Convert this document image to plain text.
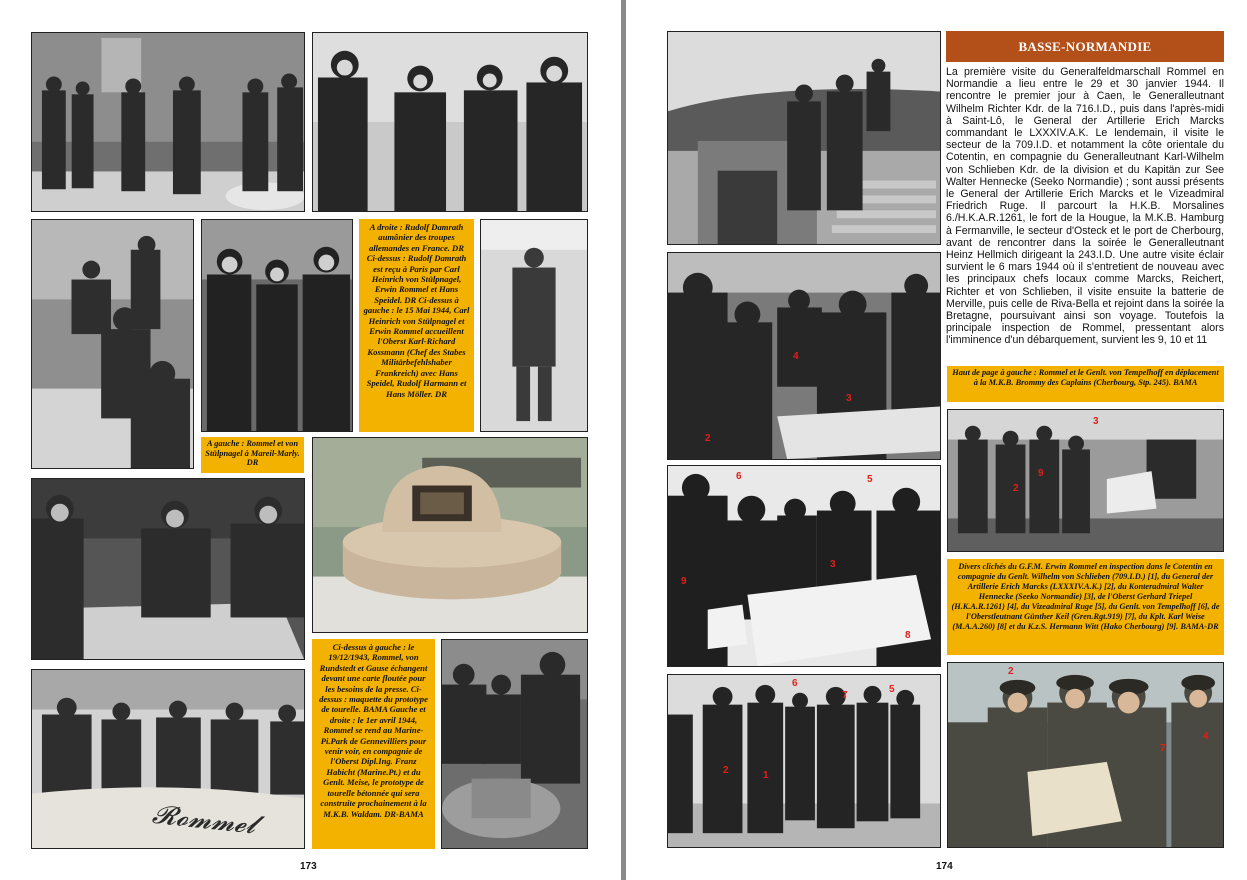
A droite : Rudolf Damrath aumônier des troupes allemandes en France. DR Ci-dessus : Rudolf Damrath est reçu à Paris par Carl Heinrich von Stülpnagel, Erwin Rommel et Hans Speidel. DR Ci-dessus à gauche : le 15 Mai 1944, Carl Heinrich von Stülpnagel et Erwin Rommel accueillent l'Oberst Karl-Richard Kossmann (Chef des Stabes Militärbefehlshaber Frankreich) avec Hans Speidel, Rudolf Harmann et Hans Möller. DR
A gauche : Rommel et von Stülpnagel à Mareil-Marly. DR
Ci-dessus à gauche : le 19/12/1943, Rommel, von Rundstedt et Gause échangent devant une carte floutée pour les besoins de la presse. Ci-dessus : maquette du prototype de tourelle. BAMA Gauche et droite : le 1er avril 1944, Rommel se rend au Marine-Pi.Park de Gennevilliers pour venir voir, en compagnie de l'Oberst Dipl.Ing. Franz Habicht (Marine.Pt.) et du Genlt. Meise, le prototype de tourelle bétonnée qui sera construite prochainement à la M.K.B. Waldam. DR-BAMA
𝓡𝓸𝓶𝓶𝓮𝓵
173
BASSE-NORMANDIE

La première visite du Generalfeldmarschall Rommel en Normandie a lieu entre le 29 et 30 janvier 1944. Il rencontre le premier jour à Caen, le Generalleutnant Wilhelm Richter Kdr. de la 716.I.D., puis dans l'après-midi à Saint-Lô, le General der Artillerie Erich Marcks commandant le LXXXIV.A.K. Le lendemain, il visite le secteur de la 709.I.D. et notamment la côte orientale du Cotentin, en compagnie du Generalleutnant Karl-Wilhelm von Schlieben Kdr. de la division et du Kapitän zur See Walter Hennecke (Seeko Normandie) ; sont aussi présents le General der Artillerie Erich Marcks et le Vizeadmiral Friedrich Ruge. Il parcourt la H.K.B. Morsalines 6./H.K.A.R.1261, le fort de la Hougue, la M.K.B. Hamburg à Fermanville, le secteur d'Osteck et le port de Cherbourg, avant de rencontrer dans la soirée le Generalleutnant Heinz Hellmich dirigeant la 243.I.D. Une autre visite éclair survient le 6 mars 1944 où il s'entretient de nouveau avec les principaux chefs locaux comme Marcks, Reichert, Richter et von Schlieben, il visite ensuite la batterie de Merville, puis celle de Riva-Bella et rejoint dans la soirée la Bretagne, poursuivant ainsi son voyage. Toutefois la principale inspection de Rommel, pressentant alors l'imminence d'un débarquement, survient les 9, 10 et 11

4
3
2
Haut de page à gauche : Rommel et le Genlt. von Tempelhoff en déplacement à la M.K.B. Brommy des Caplains (Cherbourg, Stp. 245). BAMA
3
2
9
6	5
3
9
8
Divers clichés du G.F.M. Erwin Rommel en inspection dans le Cotentin en compagnie du Genlt. Wilhelm von Schlieben (709.I.D.) [1], du General der Artillerie Erich Marcks (LXXXIV.A.K.) [2], du Konteradmiral Walter Hennecke (Seeko Normandie) [3], de l'Oberst Gerhard Triepel (H.K.A.R.1261) [4], du Vizeadmiral Ruge [5], du Genlt. von Tempelhoff [6], de l'Oberstleutnant Günther Keil (Gren.Rgt.919) [7], du Kplt. Karl Weise (M.A.A.260) [8] et du K.z.S. Hermann Witt (Hako Cherbourg) [9]. BAMA-DR
6
7
5
2	1
2
7
4
174
